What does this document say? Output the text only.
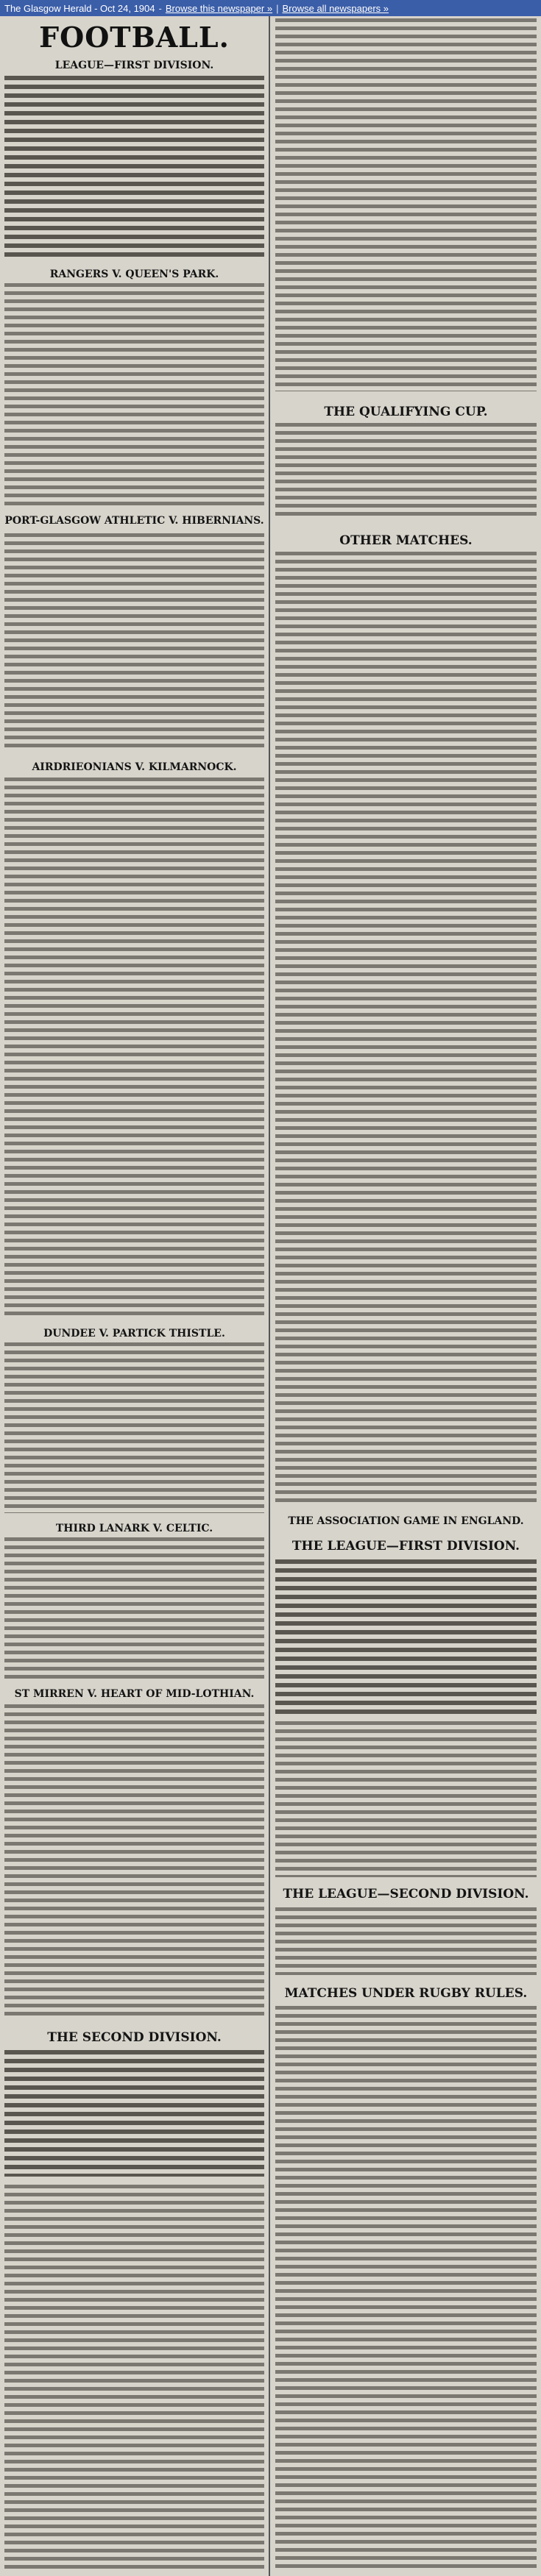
The Glasgow Herald - Oct 24, 1904 - Browse this newspaper » | Browse all newspapers »
FOOTBALL.
LEAGUE—FIRST DIVISION.
RANGERS V. QUEEN'S PARK.
PORT-GLASGOW ATHLETIC V. HIBERNIANS.
AIRDRIEONIANS V. KILMARNOCK.
DUNDEE V. PARTICK THISTLE.
THIRD LANARK V. CELTIC.
ST MIRREN V. HEART OF MID-LOTHIAN.
THE SECOND DIVISION.
THE QUALIFYING CUP.
OTHER MATCHES.
THE ASSOCIATION GAME IN ENGLAND.
THE LEAGUE—FIRST DIVISION.
THE LEAGUE—SECOND DIVISION.
MATCHES UNDER RUGBY RULES.
